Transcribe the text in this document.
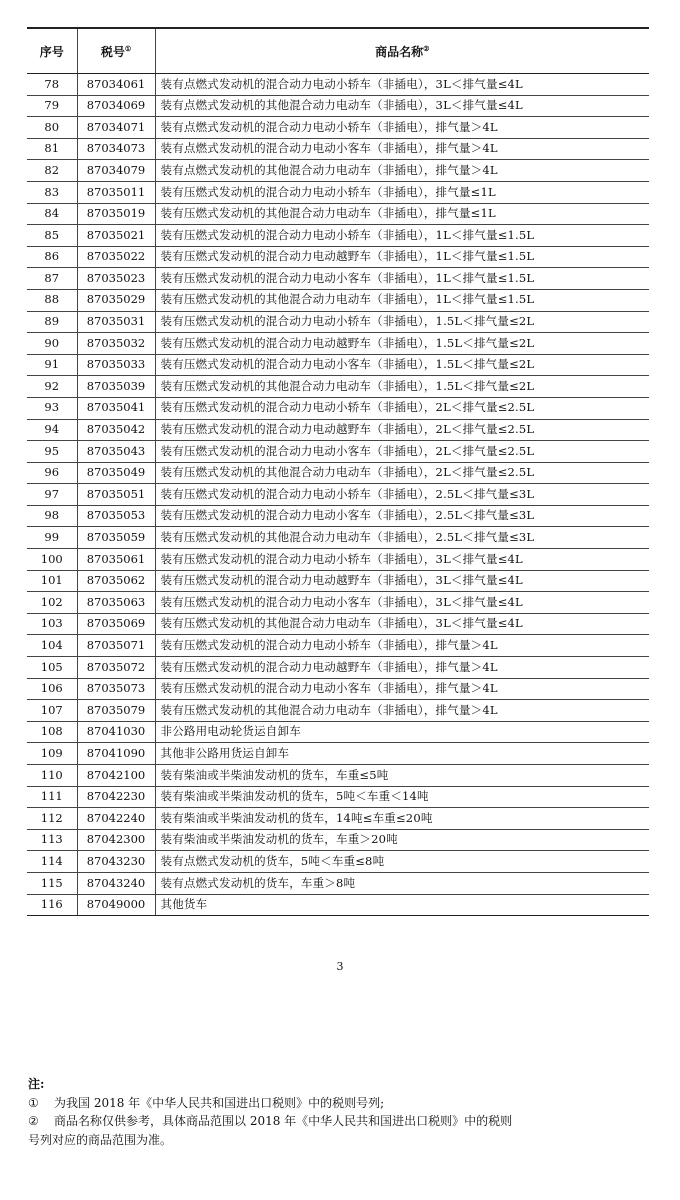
序号	税号①	商品名称②
78	87034061	装有点燃式发动机的混合动力电动小轿车（非插电），3L＜排气量≤4L
79	87034069	装有点燃式发动机的其他混合动力电动车（非插电），3L＜排气量≤4L
80	87034071	装有点燃式发动机的混合动力电动小轿车（非插电），排气量＞4L
81	87034073	装有点燃式发动机的混合动力电动小客车（非插电），排气量＞4L
82	87034079	装有点燃式发动机的其他混合动力电动车（非插电），排气量＞4L
83	87035011	装有压燃式发动机的混合动力电动小轿车（非插电），排气量≤1L
84	87035019	装有压燃式发动机的其他混合动力电动车（非插电），排气量≤1L
85	87035021	装有压燃式发动机的混合动力电动小轿车（非插电），1L＜排气量≤1.5L
86	87035022	装有压燃式发动机的混合动力电动越野车（非插电），1L＜排气量≤1.5L
87	87035023	装有压燃式发动机的混合动力电动小客车（非插电），1L＜排气量≤1.5L
88	87035029	装有压燃式发动机的其他混合动力电动车（非插电），1L＜排气量≤1.5L
89	87035031	装有压燃式发动机的混合动力电动小轿车（非插电），1.5L＜排气量≤2L
90	87035032	装有压燃式发动机的混合动力电动越野车（非插电），1.5L＜排气量≤2L
91	87035033	装有压燃式发动机的混合动力电动小客车（非插电），1.5L＜排气量≤2L
92	87035039	装有压燃式发动机的其他混合动力电动车（非插电），1.5L＜排气量≤2L
93	87035041	装有压燃式发动机的混合动力电动小轿车（非插电），2L＜排气量≤2.5L
94	87035042	装有压燃式发动机的混合动力电动越野车（非插电），2L＜排气量≤2.5L
95	87035043	装有压燃式发动机的混合动力电动小客车（非插电），2L＜排气量≤2.5L
96	87035049	装有压燃式发动机的其他混合动力电动车（非插电），2L＜排气量≤2.5L
97	87035051	装有压燃式发动机的混合动力电动小轿车（非插电），2.5L＜排气量≤3L
98	87035053	装有压燃式发动机的混合动力电动小客车（非插电），2.5L＜排气量≤3L
99	87035059	装有压燃式发动机的其他混合动力电动车（非插电），2.5L＜排气量≤3L
100	87035061	装有压燃式发动机的混合动力电动小轿车（非插电），3L＜排气量≤4L
101	87035062	装有压燃式发动机的混合动力电动越野车（非插电），3L＜排气量≤4L
102	87035063	装有压燃式发动机的混合动力电动小客车（非插电），3L＜排气量≤4L
103	87035069	装有压燃式发动机的其他混合动力电动车（非插电），3L＜排气量≤4L
104	87035071	装有压燃式发动机的混合动力电动小轿车（非插电），排气量＞4L
105	87035072	装有压燃式发动机的混合动力电动越野车（非插电），排气量＞4L
106	87035073	装有压燃式发动机的混合动力电动小客车（非插电），排气量＞4L
107	87035079	装有压燃式发动机的其他混合动力电动车（非插电），排气量＞4L
108	87041030	非公路用电动轮货运自卸车
109	87041090	其他非公路用货运自卸车
110	87042100	装有柴油或半柴油发动机的货车，车重≤5吨
111	87042230	装有柴油或半柴油发动机的货车，5吨＜车重＜14吨
112	87042240	装有柴油或半柴油发动机的货车，14吨≤车重≤20吨
113	87042300	装有柴油或半柴油发动机的货车，车重＞20吨
114	87043230	装有点燃式发动机的货车，5吨＜车重≤8吨
115	87043240	装有点燃式发动机的货车，车重＞8吨
116	87049000	其他货车
3
注:
① 为我国 2018 年《中华人民共和国进出口税则》中的税则号列;
② 商品名称仅供参考，具体商品范围以 2018 年《中华人民共和国进出口税则》中的税则
号列对应的商品范围为准。
